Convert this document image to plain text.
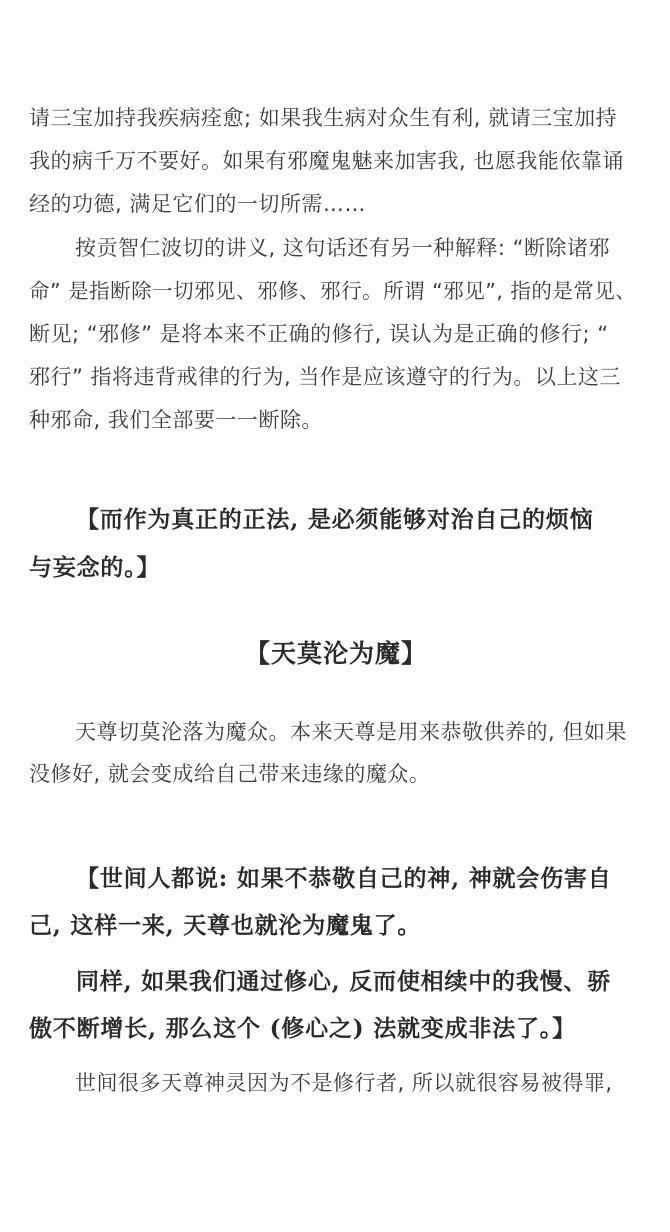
请三宝加持我疾病痊愈; 如果我生病对众生有利, 就请三宝加持
我的病千万不要好。如果有邪魔鬼魅来加害我, 也愿我能依靠诵
经的功德, 满足它们的一切所需……
按贡智仁波切的讲义, 这句话还有另一种解释: “断除诸邪
命” 是指断除一切邪见、邪修、邪行。所谓 “邪见”, 指的是常见、
断见; “邪修” 是将本来不正确的修行, 误认为是正确的修行; “
邪行” 指将违背戒律的行为, 当作是应该遵守的行为。以上这三
种邪命, 我们全部要一一断除。
【而作为真正的正法, 是必须能够对治自己的烦恼
与妄念的。】
【天莫沦为魔】
天尊切莫沦落为魔众。本来天尊是用来恭敬供养的, 但如果
没修好, 就会变成给自己带来违缘的魔众。
【世间人都说: 如果不恭敬自己的神, 神就会伤害自
己, 这样一来, 天尊也就沦为魔鬼了。
同样, 如果我们通过修心, 反而使相续中的我慢、骄
傲不断增长, 那么这个 (修心之) 法就变成非法了。】
世间很多天尊神灵因为不是修行者, 所以就很容易被得罪,
